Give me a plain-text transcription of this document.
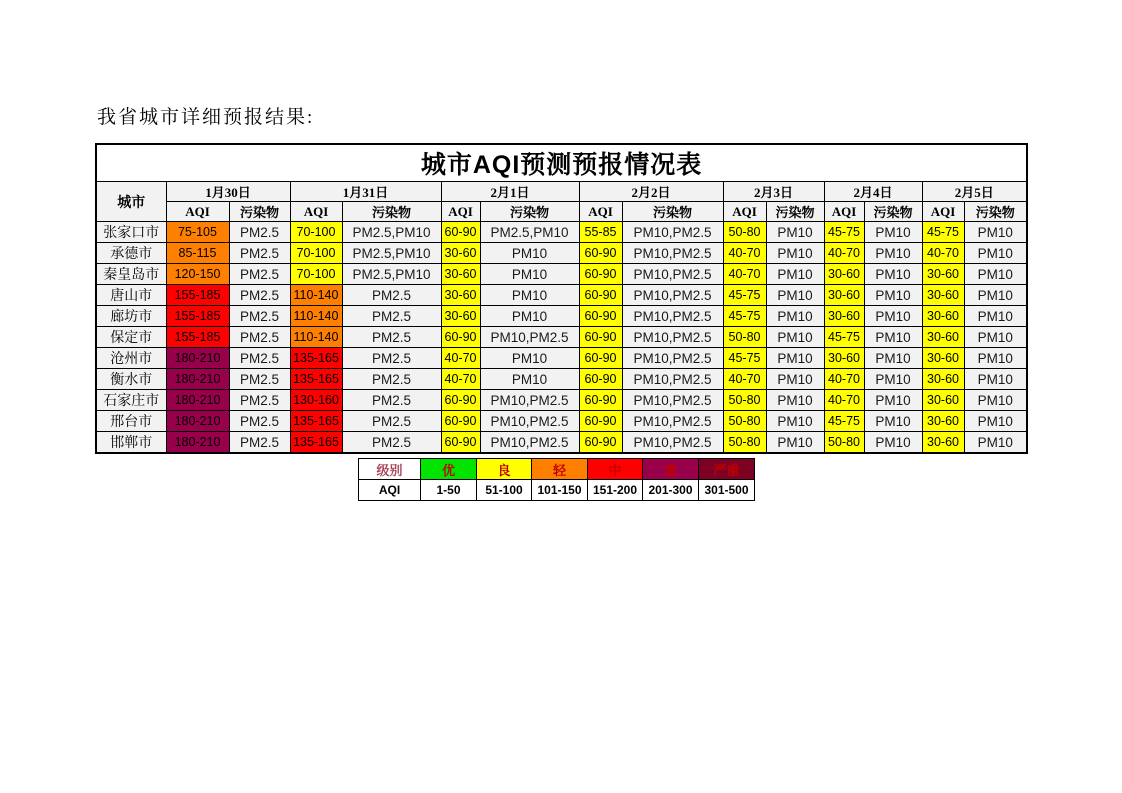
我省城市详细预报结果:
城市AQI预测预报情况表														
城市	1月30日		1月31日		2月1日		2月2日		2月3日		2月4日		2月5日	
	AQI	污染物	AQI	污染物	AQI	污染物	AQI	污染物	AQI	污染物	AQI	污染物	AQI	污染物
张家口市	75-105	PM2.5	70-100	PM2.5,PM10	60-90	PM2.5,PM10	55-85	PM10,PM2.5	50-80	PM10	45-75	PM10	45-75	PM10
承德市	85-115	PM2.5	70-100	PM2.5,PM10	30-60	PM10	60-90	PM10,PM2.5	40-70	PM10	40-70	PM10	40-70	PM10
秦皇岛市	120-150	PM2.5	70-100	PM2.5,PM10	30-60	PM10	60-90	PM10,PM2.5	40-70	PM10	30-60	PM10	30-60	PM10
唐山市	155-185	PM2.5	110-140	PM2.5	30-60	PM10	60-90	PM10,PM2.5	45-75	PM10	30-60	PM10	30-60	PM10
廊坊市	155-185	PM2.5	110-140	PM2.5	30-60	PM10	60-90	PM10,PM2.5	45-75	PM10	30-60	PM10	30-60	PM10
保定市	155-185	PM2.5	110-140	PM2.5	60-90	PM10,PM2.5	60-90	PM10,PM2.5	50-80	PM10	45-75	PM10	30-60	PM10
沧州市	180-210	PM2.5	135-165	PM2.5	40-70	PM10	60-90	PM10,PM2.5	45-75	PM10	30-60	PM10	30-60	PM10
衡水市	180-210	PM2.5	135-165	PM2.5	40-70	PM10	60-90	PM10,PM2.5	40-70	PM10	40-70	PM10	30-60	PM10
石家庄市	180-210	PM2.5	130-160	PM2.5	60-90	PM10,PM2.5	60-90	PM10,PM2.5	50-80	PM10	40-70	PM10	30-60	PM10
邢台市	180-210	PM2.5	135-165	PM2.5	60-90	PM10,PM2.5	60-90	PM10,PM2.5	50-80	PM10	45-75	PM10	30-60	PM10
邯郸市	180-210	PM2.5	135-165	PM2.5	60-90	PM10,PM2.5	60-90	PM10,PM2.5	50-80	PM10	50-80	PM10	30-60	PM10
级别	优	良	轻	中	重	严重
AQI	1-50	51-100	101-150	151-200	201-300	301-500
